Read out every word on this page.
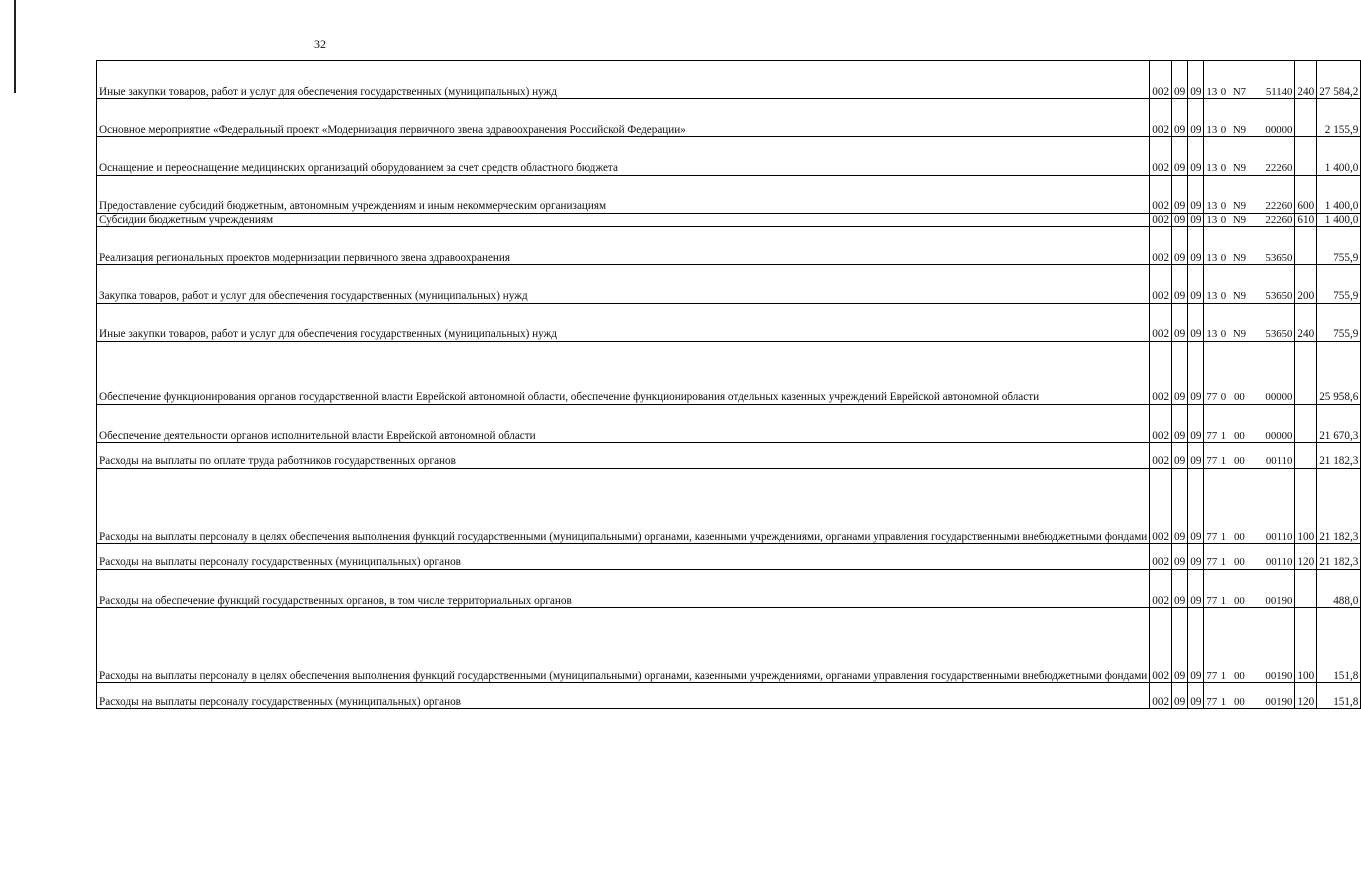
32
Иные закупки товаров, работ и услуг для обеспечения государственных (муниципальных) нужд	002	09	09	13 0 N7 51140	240	27 584,2
Основное мероприятие «Федеральный проект «Модернизация первичного звена здравоохранения Российской Федерации»	002	09	09	13 0 N9 00000		2 155,9
Оснащение и переоснащение медицинских организаций оборудованием за счет средств областного бюджета	002	09	09	13 0 N9 22260		1 400,0
Предоставление субсидий бюджетным, автономным учреждениям и иным некоммерческим организациям	002	09	09	13 0 N9 22260	600	1 400,0
Субсидии бюджетным учреждениям	002	09	09	13 0 N9 22260	610	1 400,0
Реализация региональных проектов модернизации первичного звена здравоохранения	002	09	09	13 0 N9 53650		755,9
Закупка товаров, работ и услуг для обеспечения государственных (муниципальных) нужд	002	09	09	13 0 N9 53650	200	755,9
Иные закупки товаров, работ и услуг для обеспечения государственных (муниципальных) нужд	002	09	09	13 0 N9 53650	240	755,9
Обеспечение функционирования органов государственной власти Еврейской автономной области, обеспечение функционирования отдельных казенных учреждений Еврейской автономной области	002	09	09	77 0 00 00000		25 958,6
Обеспечение деятельности органов исполнительной власти Еврейской автономной области	002	09	09	77 1 00 00000		21 670,3
Расходы на выплаты по оплате труда работников государственных органов	002	09	09	77 1 00 00110		21 182,3
Расходы на выплаты персоналу в целях обеспечения выполнения функций государственными (муниципальными) органами, казенными учреждениями, органами управления государственными внебюджетными фондами	002	09	09	77 1 00 00110	100	21 182,3
Расходы на выплаты персоналу государственных (муниципальных) органов	002	09	09	77 1 00 00110	120	21 182,3
Расходы на обеспечение функций государственных органов, в том числе территориальных органов	002	09	09	77 1 00 00190		488,0
Расходы на выплаты персоналу в целях обеспечения выполнения функций государственными (муниципальными) органами, казенными учреждениями, органами управления государственными внебюджетными фондами	002	09	09	77 1 00 00190	100	151,8
Расходы на выплаты персоналу государственных (муниципальных) органов	002	09	09	77 1 00 00190	120	151,8
